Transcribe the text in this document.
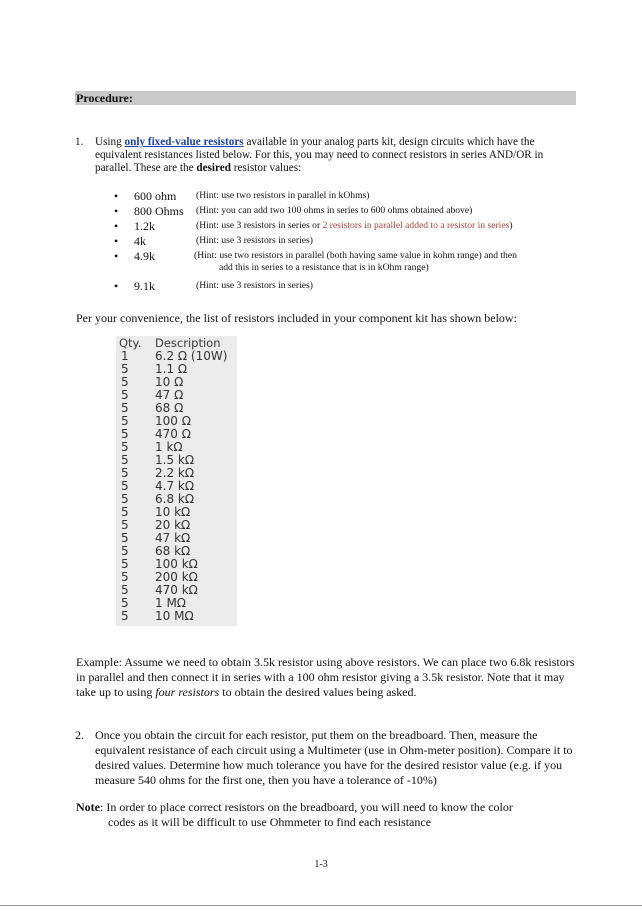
Procedure:
1. Using only fixed-value resistors available in your analog parts kit, design circuits which have the equivalent resistances listed below. For this, you may need to connect resistors in series AND/OR in parallel. These are the desired resistor values:
• 600 ohm (Hint: use two resistors in parallel in kOhms)
• 800 Ohms (Hint: you can add two 100 ohms in series to 600 ohms obtained above)
• 1.2k	(Hint: use 3 resistors in series or 2 resistors in parallel added to a resistor in series)
• 4k	(Hint: use 3 resistors in series)
• 4.9k	(Hint: use two resistors in parallel (both having same value in kohm range) and then
add this in series to a resistance that is in kOhm range)
• 9.1k	(Hint: use 3 resistors in series)
Per your convenience, the list of resistors included in your component kit has shown below:
Qty. Description
1 6.2 Ω (10W)
5 1.1 Ω
5 10 Ω
5 47 Ω
5 68 Ω
5 100 Ω
5 470 Ω
5 1 kΩ
5 1.5 kΩ
5 2.2 kΩ
5 4.7 kΩ
5 6.8 kΩ
5 10 kΩ
5 20 kΩ
5 47 kΩ
5 68 kΩ
5 100 kΩ
5 200 kΩ
5 470 kΩ
5 1 MΩ
5 10 MΩ
Example: Assume we need to obtain 3.5k resistor using above resistors. We can place two 6.8k resistors in parallel and then connect it in series with a 100 ohm resistor giving a 3.5k resistor. Note that it may take up to using four resistors to obtain the desired values being asked.
2. Once you obtain the circuit for each resistor, put them on the breadboard. Then, measure the equivalent resistance of each circuit using a Multimeter (use in Ohm-meter position). Compare it to desired values. Determine how much tolerance you have for the desired resistor value (e.g. if you measure 540 ohms for the first one, then you have a tolerance of -10%)
Note: In order to place correct resistors on the breadboard, you will need to know the color
codes as it will be difficult to use Ohmmeter to find each resistance
1-3
